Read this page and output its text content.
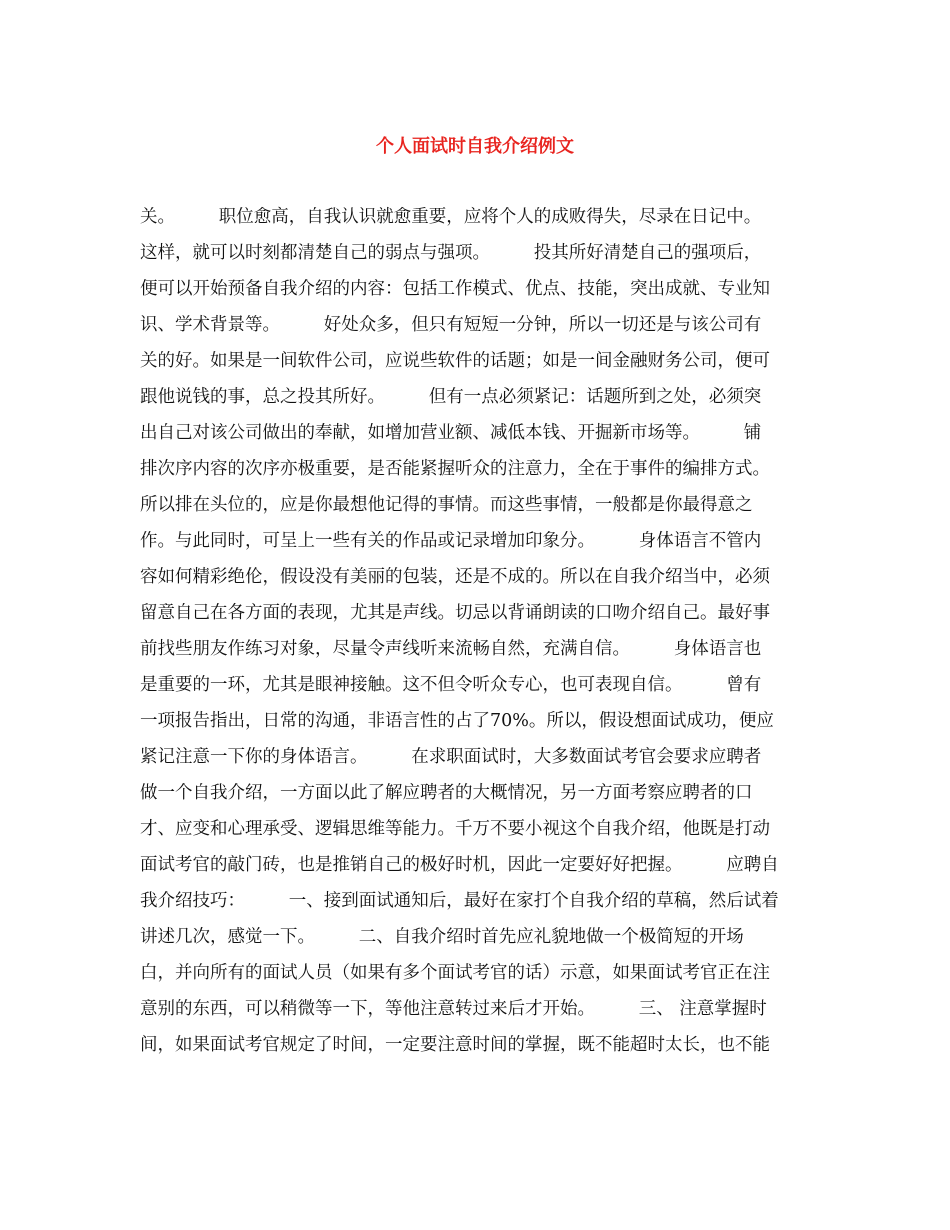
个人面试时自我介绍例文
关。　　　职位愈高，自我认识就愈重要，应将个人的成败得失，尽录在日记中。
这样，就可以时刻都清楚自己的弱点与强项。　　　投其所好清楚自己的强项后，
便可以开始预备自我介绍的内容：包括工作模式、优点、技能，突出成就、专业知
识、学术背景等。　　　好处众多，但只有短短一分钟，所以一切还是与该公司有
关的好。如果是一间软件公司，应说些软件的话题；如是一间金融财务公司，便可
跟他说钱的事，总之投其所好。　　　但有一点必须紧记：话题所到之处，必须突
出自己对该公司做出的奉献，如增加营业额、减低本钱、开掘新市场等。　　　铺
排次序内容的次序亦极重要，是否能紧握听众的注意力，全在于事件的编排方式。
所以排在头位的，应是你最想他记得的事情。而这些事情，一般都是你最得意之
作。与此同时，可呈上一些有关的作品或记录增加印象分。　　　身体语言不管内
容如何精彩绝伦，假设没有美丽的包装，还是不成的。所以在自我介绍当中，必须
留意自己在各方面的表现，尤其是声线。切忌以背诵朗读的口吻介绍自己。最好事
前找些朋友作练习对象，尽量令声线听来流畅自然，充满自信。　　　身体语言也
是重要的一环，尤其是眼神接触。这不但令听众专心，也可表现自信。　　　曾有
一项报告指出，日常的沟通，非语言性的占了70%。所以，假设想面试成功，便应
紧记注意一下你的身体语言。　　　在求职面试时，大多数面试考官会要求应聘者
做一个自我介绍，一方面以此了解应聘者的大概情况，另一方面考察应聘者的口
才、应变和心理承受、逻辑思维等能力。千万不要小视这个自我介绍，他既是打动
面试考官的敲门砖，也是推销自己的极好时机，因此一定要好好把握。　　　应聘自
我介绍技巧：　　　一、接到面试通知后，最好在家打个自我介绍的草稿，然后试着
讲述几次，感觉一下。　　　二、自我介绍时首先应礼貌地做一个极简短的开场
白，并向所有的面试人员（如果有多个面试考官的话）示意，如果面试考官正在注
意别的东西，可以稍微等一下，等他注意转过来后才开始。　　　三、 注意掌握时
间，如果面试考官规定了时间，一定要注意时间的掌握，既不能超时太长，也不能
